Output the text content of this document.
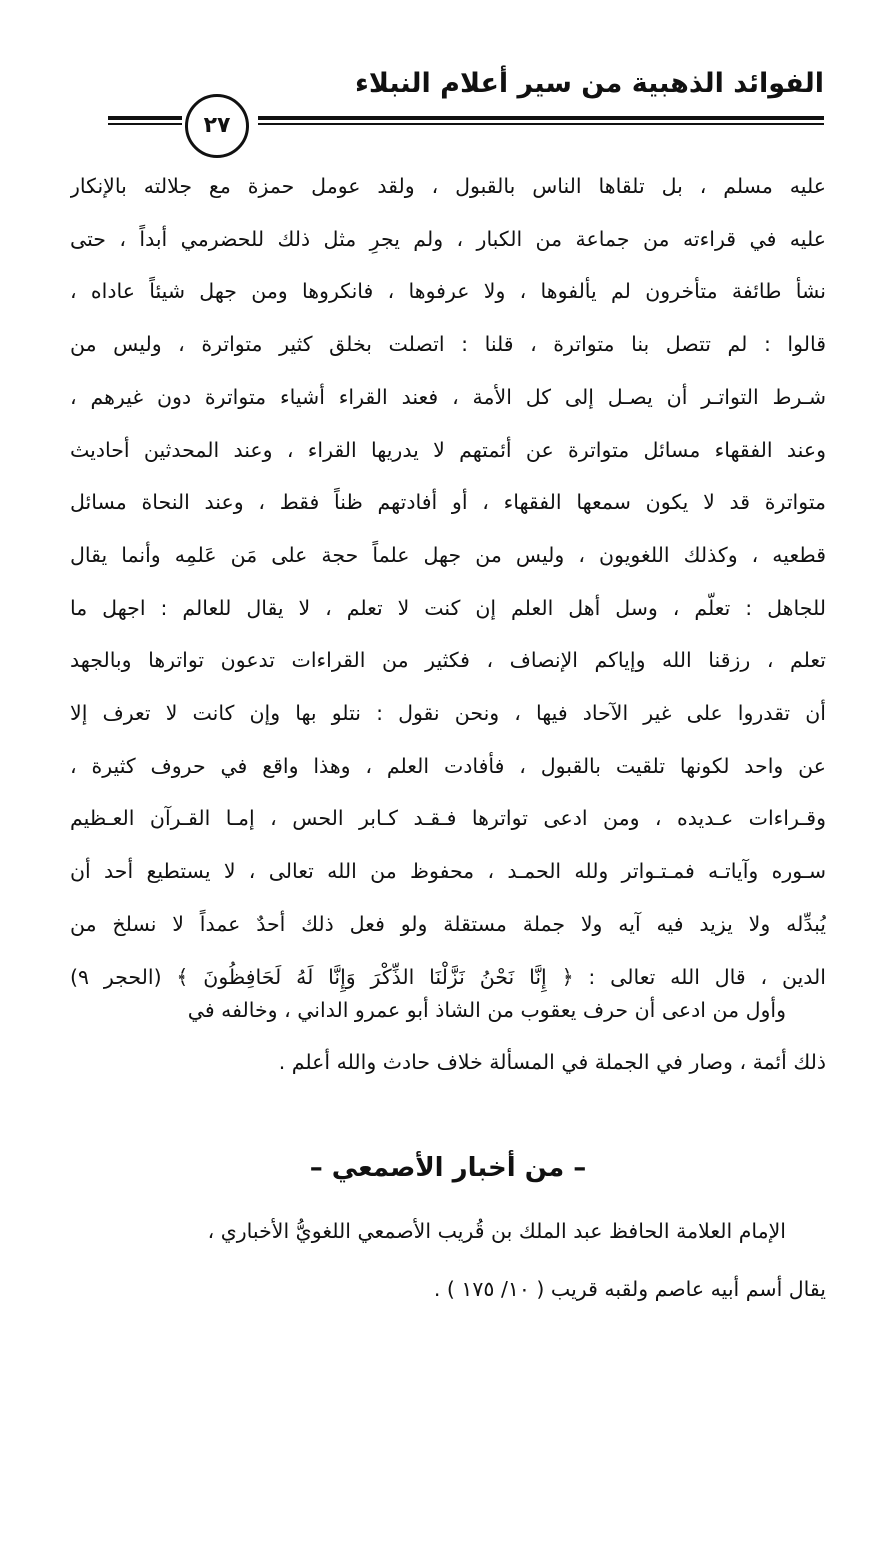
الفوائد الذهبية من سير أعلام النبلاء
٢٧
عليه مسلم ، بل تلقاها الناس بالقبول ، ولقد عومل حمزة مع جلالته بالإنكار
عليه في قراءته من جماعة من الكبار ، ولم يجرِ مثل ذلك للحضرمي أبداً ، حتى
نشأ طائفة متأخرون لم يألفوها ، ولا عرفوها ، فانكروها ومن جهل شيئاً عاداه ،
قالوا : لم تتصل بنا متواترة ، قلنا : اتصلت بخلق كثير متواترة ، وليس من
شـرط التواتـر أن يصـل إلى كل الأمة ، فعند القراء أشياء متواترة دون غيرهم ،
وعند الفقهاء مسائل متواترة عن أئمتهم لا يدريها القراء ، وعند المحدثين أحاديث
متواترة قد لا يكون سمعها الفقهاء ، أو أفادتهم ظناً فقط ، وعند النحاة مسائل
قطعيه ، وكذلك اللغويون ، وليس من جهل علماً حجة على مَن عَلمِه وأنما يقال
للجاهل : تعلّم ، وسل أهل العلم إن كنت لا تعلم ، لا يقال للعالم : اجهل ما
تعلم ، رزقنا الله وإياكم الإنصاف ، فكثير من القراءات تدعون تواترها وبالجهد
أن تقدروا على غير الآحاد فيها ، ونحن نقول : نتلو بها وإن كانت لا تعرف إلا
عن واحد لكونها تلقيت بالقبول ، فأفادت العلم ، وهذا واقع في حروف كثيرة ،
وقـراءات عـديده ، ومن ادعى تواترها فـقـد كـابر الحس ، إمـا القـرآن العـظيم
سـوره وآياتـه فمـتـواتر ولله الحمـد ، محفوظ من الله تعالى ، لا يستطيع أحد أن
يُبدِّله ولا يزيد فيه آيه ولا جملة مستقلة ولو فعل ذلك أحدٌ عمداً لا نسلخ من
الدين ، قال الله تعالى : ﴿ إِنَّا نَحْنُ نَزَّلْنَا الذِّكْرَ وَإِنَّا لَهُ لَحَافِظُونَ ﴾ (الحجر ٩)
وأول من ادعى أن حرف يعقوب من الشاذ أبو عمرو الداني ، وخالفه في
ذلك أئمة ، وصار في الجملة في المسألة خلاف حادث والله أعلم .
– من أخبار الأصمعي –
الإمام العلامة الحافظ عبد الملك بن قُريب الأصمعي اللغويُّ الأخباري ،
يقال أسم أبيه عاصم ولقبه قريب ( ١٠/ ١٧٥ ) .
